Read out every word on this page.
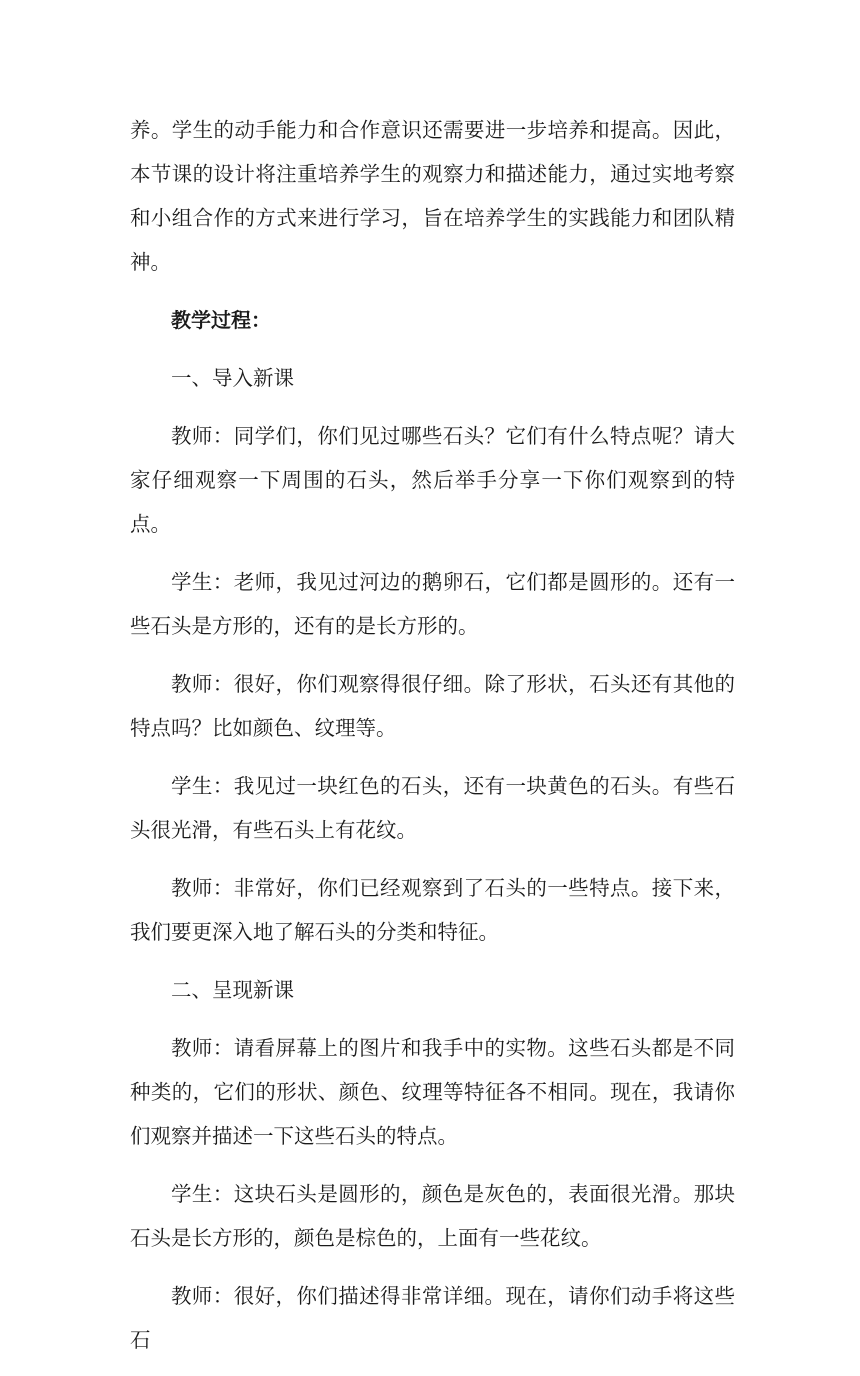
养。学生的动手能力和合作意识还需要进一步培养和提高。因此，本节课的设计将注重培养学生的观察力和描述能力，通过实地考察和小组合作的方式来进行学习，旨在培养学生的实践能力和团队精神。

教学过程：

一、导入新课

教师：同学们，你们见过哪些石头？它们有什么特点呢？请大家仔细观察一下周围的石头，然后举手分享一下你们观察到的特点。

学生：老师，我见过河边的鹅卵石，它们都是圆形的。还有一些石头是方形的，还有的是长方形的。

教师：很好，你们观察得很仔细。除了形状，石头还有其他的特点吗？比如颜色、纹理等。

学生：我见过一块红色的石头，还有一块黄色的石头。有些石头很光滑，有些石头上有花纹。

教师：非常好，你们已经观察到了石头的一些特点。接下来，我们要更深入地了解石头的分类和特征。

二、呈现新课

教师：请看屏幕上的图片和我手中的实物。这些石头都是不同种类的，它们的形状、颜色、纹理等特征各不相同。现在，我请你们观察并描述一下这些石头的特点。

学生：这块石头是圆形的，颜色是灰色的，表面很光滑。那块石头是长方形的，颜色是棕色的，上面有一些花纹。

教师：很好，你们描述得非常详细。现在，请你们动手将这些石
